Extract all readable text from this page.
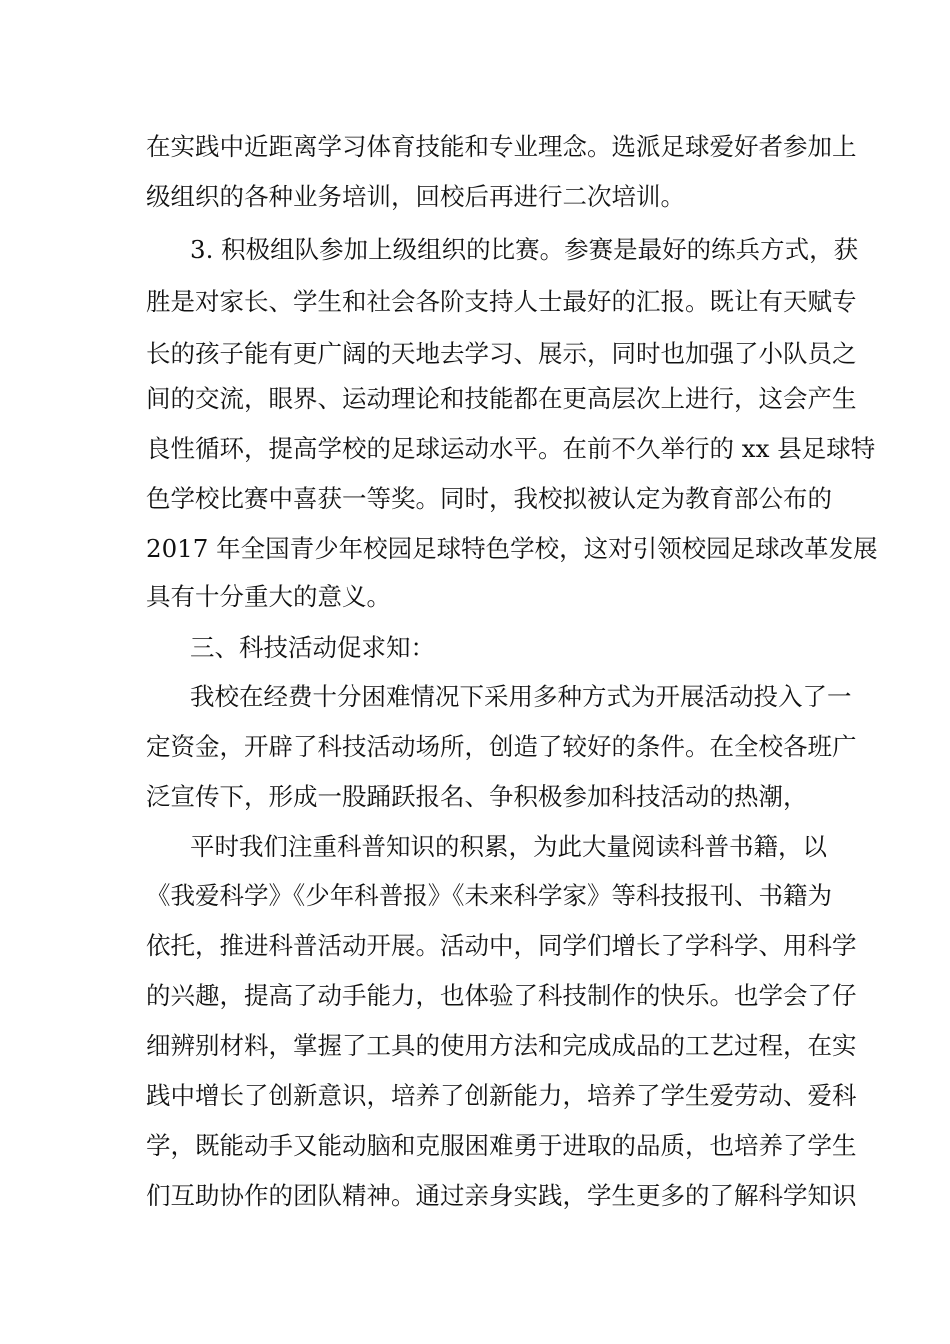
在实践中近距离学习体育技能和专业理念。选派足球爱好者参加上
级组织的各种业务培训，回校后再进行二次培训。
3. 积极组队参加上级组织的比赛。参赛是最好的练兵方式，获
胜是对家长、学生和社会各阶支持人士最好的汇报。既让有天赋专
长的孩子能有更广阔的天地去学习、展示，同时也加强了小队员之
间的交流，眼界、运动理论和技能都在更高层次上进行，这会产生
良性循环，提高学校的足球运动水平。在前不久举行的 xx 县足球特
色学校比赛中喜获一等奖。同时，我校拟被认定为教育部公布的
2017 年全国青少年校园足球特色学校，这对引领校园足球改革发展
具有十分重大的意义。
三、科技活动促求知：
我校在经费十分困难情况下采用多种方式为开展活动投入了一
定资金，开辟了科技活动场所，创造了较好的条件。在全校各班广
泛宣传下，形成一股踊跃报名、争积极参加科技活动的热潮，
平时我们注重科普知识的积累，为此大量阅读科普书籍，以
《我爱科学》《少年科普报》《未来科学家》等科技报刊、书籍为
依托，推进科普活动开展。活动中，同学们增长了学科学、用科学
的兴趣，提高了动手能力，也体验了科技制作的快乐。也学会了仔
细辨别材料，掌握了工具的使用方法和完成成品的工艺过程，在实
践中增长了创新意识，培养了创新能力，培养了学生爱劳动、爱科
学，既能动手又能动脑和克服困难勇于进取的品质，也培养了学生
们互助协作的团队精神。通过亲身实践，学生更多的了解科学知识
